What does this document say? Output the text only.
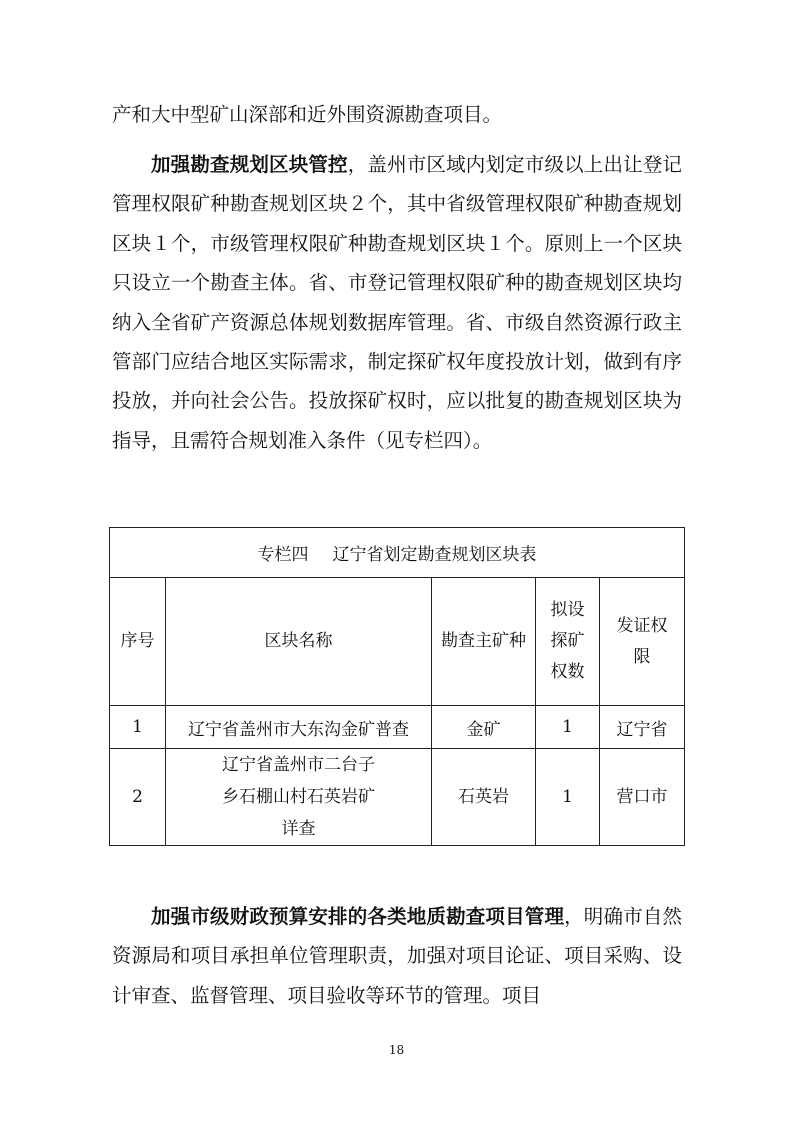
产和大中型矿山深部和近外围资源勘查项目。

加强勘查规划区块管控，盖州市区域内划定市级以上出让登记管理权限矿种勘查规划区块２个，其中省级管理权限矿种勘查规划区块１个，市级管理权限矿种勘查规划区块１个。原则上一个区块只设立一个勘查主体。省、市登记管理权限矿种的勘查规划区块均纳入全省矿产资源总体规划数据库管理。省、市级自然资源行政主管部门应结合地区实际需求，制定探矿权年度投放计划，做到有序投放，并向社会公告。投放探矿权时，应以批复的勘查规划区块为指导，且需符合规划准入条件（见专栏四）。

专栏四 辽宁省划定勘查规划区块表				
序号	区块名称	勘查主矿种	拟设探矿权数	发证权限
1	辽宁省盖州市大东沟金矿普查	金矿	1	辽宁省
2	辽宁省盖州市二台子乡石棚山村石英岩矿详查	石英岩	1	营口市

加强市级财政预算安排的各类地质勘查项目管理，明确市自然资源局和项目承担单位管理职责，加强对项目论证、项目采购、设计审查、监督管理、项目验收等环节的管理。项目

18
